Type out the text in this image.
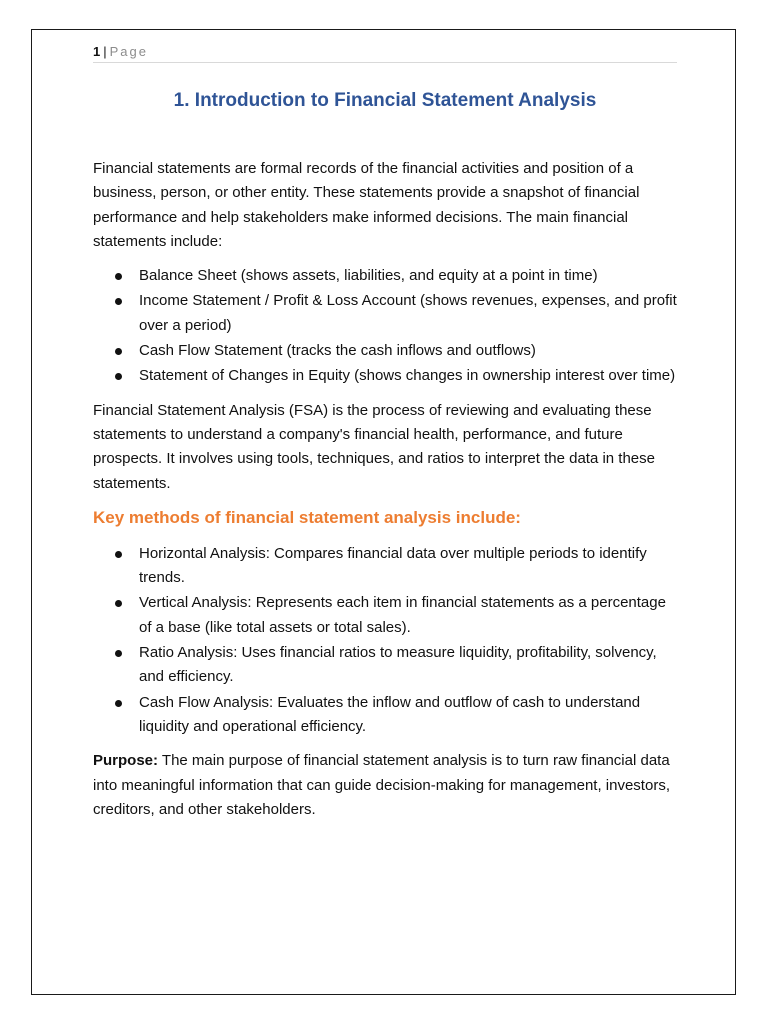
1 | Page
1. Introduction to Financial Statement Analysis

Financial statements are formal records of the financial activities and position of a business, person, or other entity. These statements provide a snapshot of financial performance and help stakeholders make informed decisions. The main financial statements include:

Balance Sheet (shows assets, liabilities, and equity at a point in time)
Income Statement / Profit & Loss Account (shows revenues, expenses, and profit over a period)
Cash Flow Statement (tracks the cash inflows and outflows)
Statement of Changes in Equity (shows changes in ownership interest over time)

Financial Statement Analysis (FSA) is the process of reviewing and evaluating these statements to understand a company's financial health, performance, and future prospects. It involves using tools, techniques, and ratios to interpret the data in these statements.

Key methods of financial statement analysis include:
Horizontal Analysis: Compares financial data over multiple periods to identify trends.
Vertical Analysis: Represents each item in financial statements as a percentage of a base (like total assets or total sales).
Ratio Analysis: Uses financial ratios to measure liquidity, profitability, solvency, and efficiency.
Cash Flow Analysis: Evaluates the inflow and outflow of cash to understand liquidity and operational efficiency.

Purpose: The main purpose of financial statement analysis is to turn raw financial data into meaningful information that can guide decision-making for management, investors, creditors, and other stakeholders.
